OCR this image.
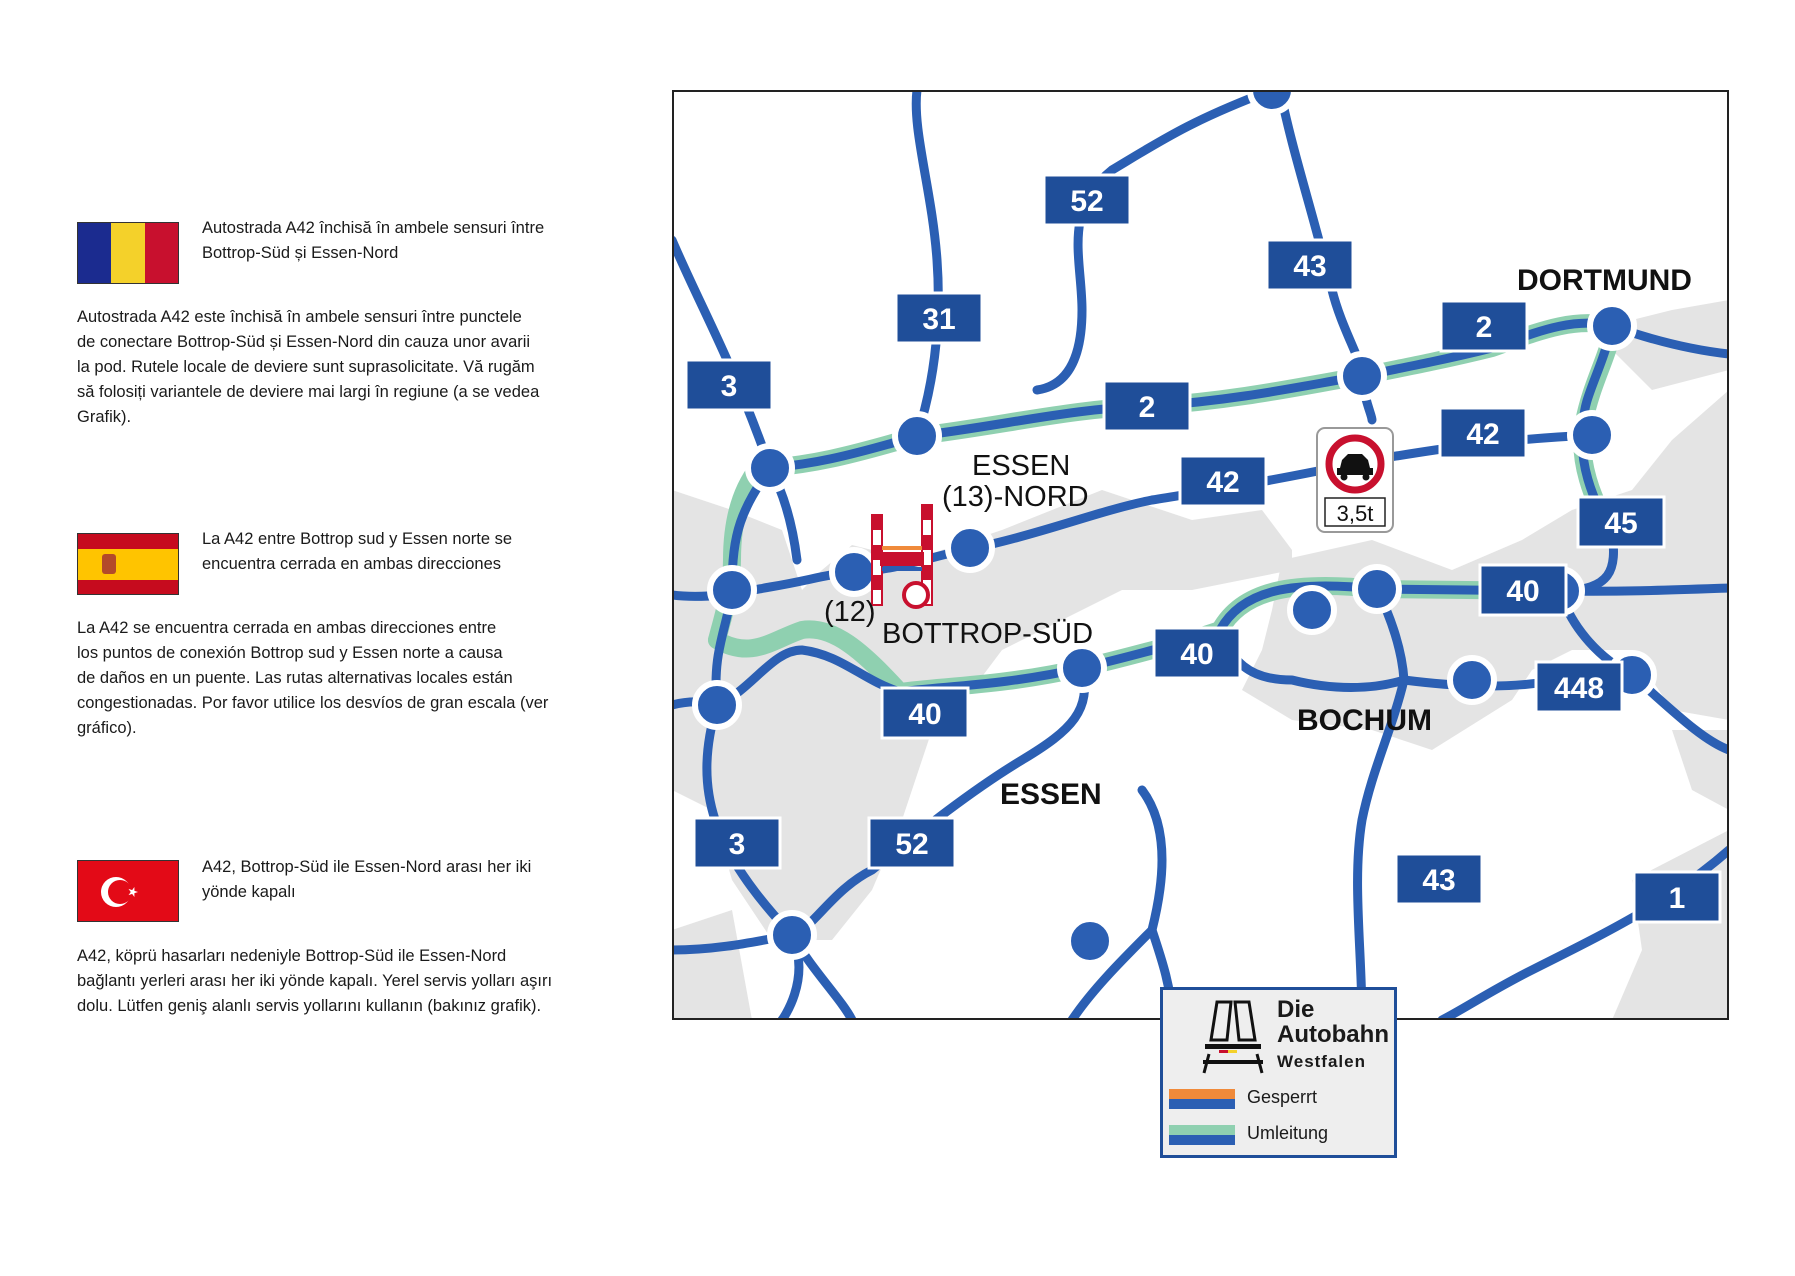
Autostrada A42 închisă în ambele sensuri între
Bottrop-Süd și Essen-Nord
Autostrada A42 este închisă în ambele sensuri între punctele
de conectare Bottrop-Süd și Essen-Nord din cauza unor avarii
la pod. Rutele locale de deviere sunt suprasolicitate. Vă rugăm
să folosiți variantele de deviere mai largi în regiune (a se vedea
Grafik).
La A42 entre Bottrop sud y Essen norte se
encuentra cerrada en ambas direcciones
La A42 se encuentra cerrada en ambas direcciones entre
los puntos de conexión Bottrop sud y Essen norte a causa
de daños en un puente. Las rutas alternativas locales están
congestionadas. Por favor utilice los desvíos de gran escala (ver
gráfico).
A42, Bottrop-Süd ile Essen-Nord arası her iki
yönde kapalı
A42, köprü hasarları nedeniyle Bottrop-Süd ile Essen-Nord
bağlantı yerleri arası her iki yönde kapalı. Yerel servis yolları aşırı
dolu. Lütfen geniş alanlı servis yollarını kullanın (bakınız grafik).
3,5t
52
43
31
3
2
2
42
42
45
40
40
40
448
3	52
43
1
DORTMUND
BOCHUM
ESSEN
ESSEN
(13)-NORD
(12)
BOTTROP-SÜD
Die
Autobahn
Westfalen
Gesperrt
Umleitung
